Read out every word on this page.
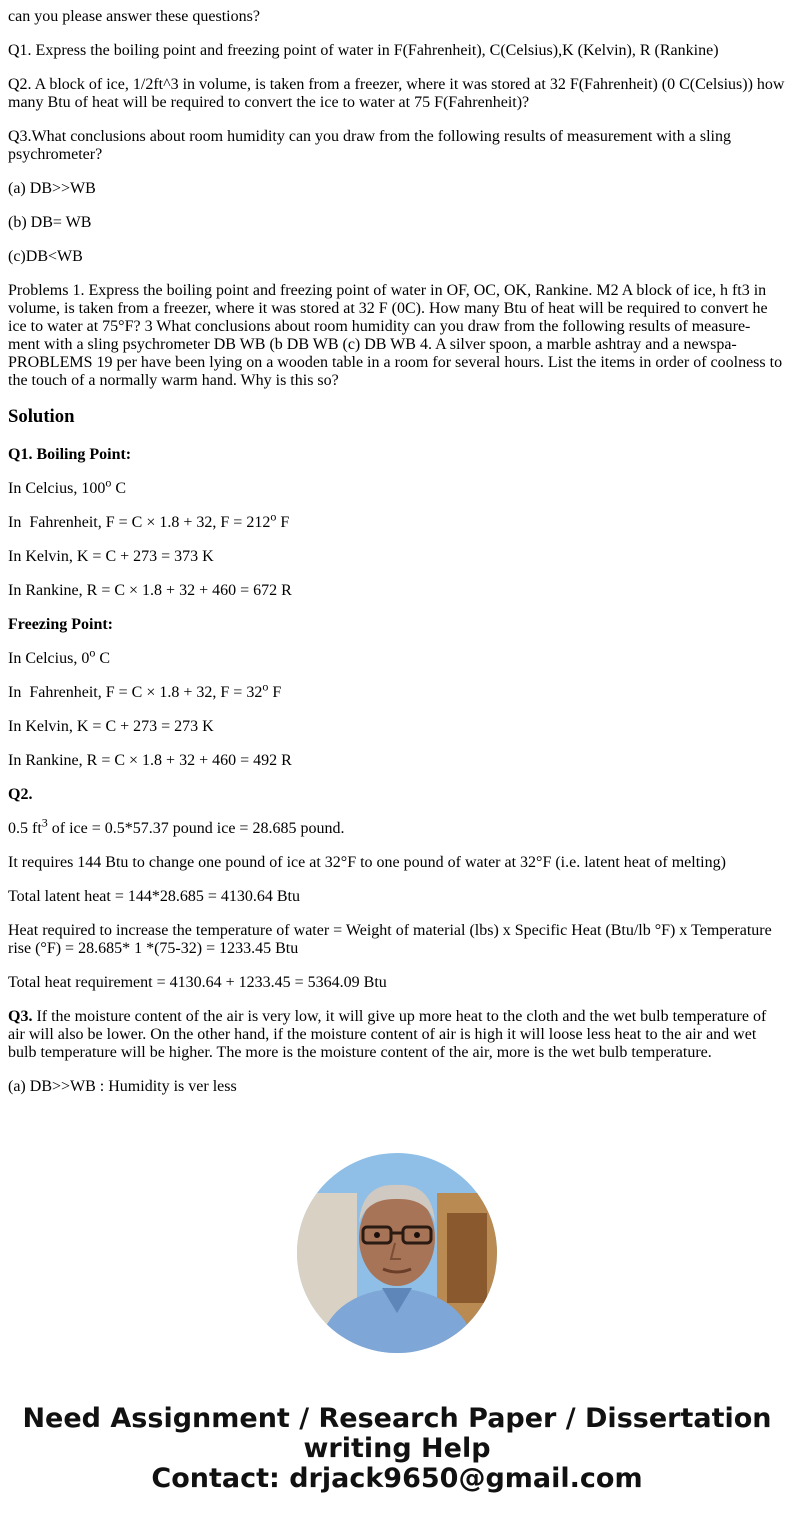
can you please answer these questions?

Q1. Express the boiling point and freezing point of water in F(Fahrenheit), C(Celsius),K (Kelvin), R (Rankine)

Q2. A block of ice, 1/2ft^3 in volume, is taken from a freezer, where it was stored at 32 F(Fahrenheit) (0 C(Celsius)) how many Btu of heat will be required to convert the ice to water at 75 F(Fahrenheit)?

Q3.What conclusions about room humidity can you draw from the following results of measurement with a sling psychrometer?

(a) DB>>WB

(b) DB= WB

(c)DB<WB

Problems 1. Express the boiling point and freezing point of water in OF, OC, OK, Rankine. M2 A block of ice, h ft3 in volume, is taken from a freezer, where it was stored at 32 F (0C). How many Btu of heat will be required to convert he ice to water at 75°F? 3 What conclusions about room humidity can you draw from the following results of measure- ment with a sling psychrometer DB WB (b DB WB (c) DB WB 4. A silver spoon, a marble ashtray and a newspa- PROBLEMS 19 per have been lying on a wooden table in a room for several hours. List the items in order of coolness to the touch of a normally warm hand. Why is this so?

Solution

Q1. Boiling Point:

In Celcius, 100$^o$ C

In  Fahrenheit, F = C × 1.8 + 32, $F = 212^o$ F

In Kelvin, K = C + 273 = 373 K

In Rankine, R = C × 1.8 + 32 + 460 = 672 R

Freezing Point:

In Celcius, 0$^o$ C

In  Fahrenheit, F = C × 1.8 + 32, $F = 32^o$ F

In Kelvin, K = C + 273 = 273 K

In Rankine, R = C × 1.8 + 32 + 460 = 492 R

Q2.

0.5 $ft^3$ of ice = 0.5*57.37 pound ice = 28.685 pound.

It requires 144 Btu to change one pound of ice at 32°F to one pound of water at 32°F (i.e. latent heat of melting)

Total latent heat = 144*28.685 = 4130.64 Btu

Heat required to increase the temperature of water = Weight of material (lbs) x Specific Heat (Btu/lb °F) x Temperature rise (°F) = 28.685* 1 *(75-32) = 1233.45 Btu

Total heat requirement = 4130.64 + 1233.45 = 5364.09 Btu

Q3. If the moisture content of the air is very low, it will give up more heat to the cloth and the wet bulb temperature of air will also be lower. On the other hand, if the moisture content of air is high it will loose less heat to the air and wet bulb temperature will be higher. The more is the moisture content of the air, more is the wet bulb temperature.

(a) DB>>WB : Humidity is ver less

Need Assignment / Research Paper / Dissertation
writing Help
Contact: drjack9650@gmail.com
